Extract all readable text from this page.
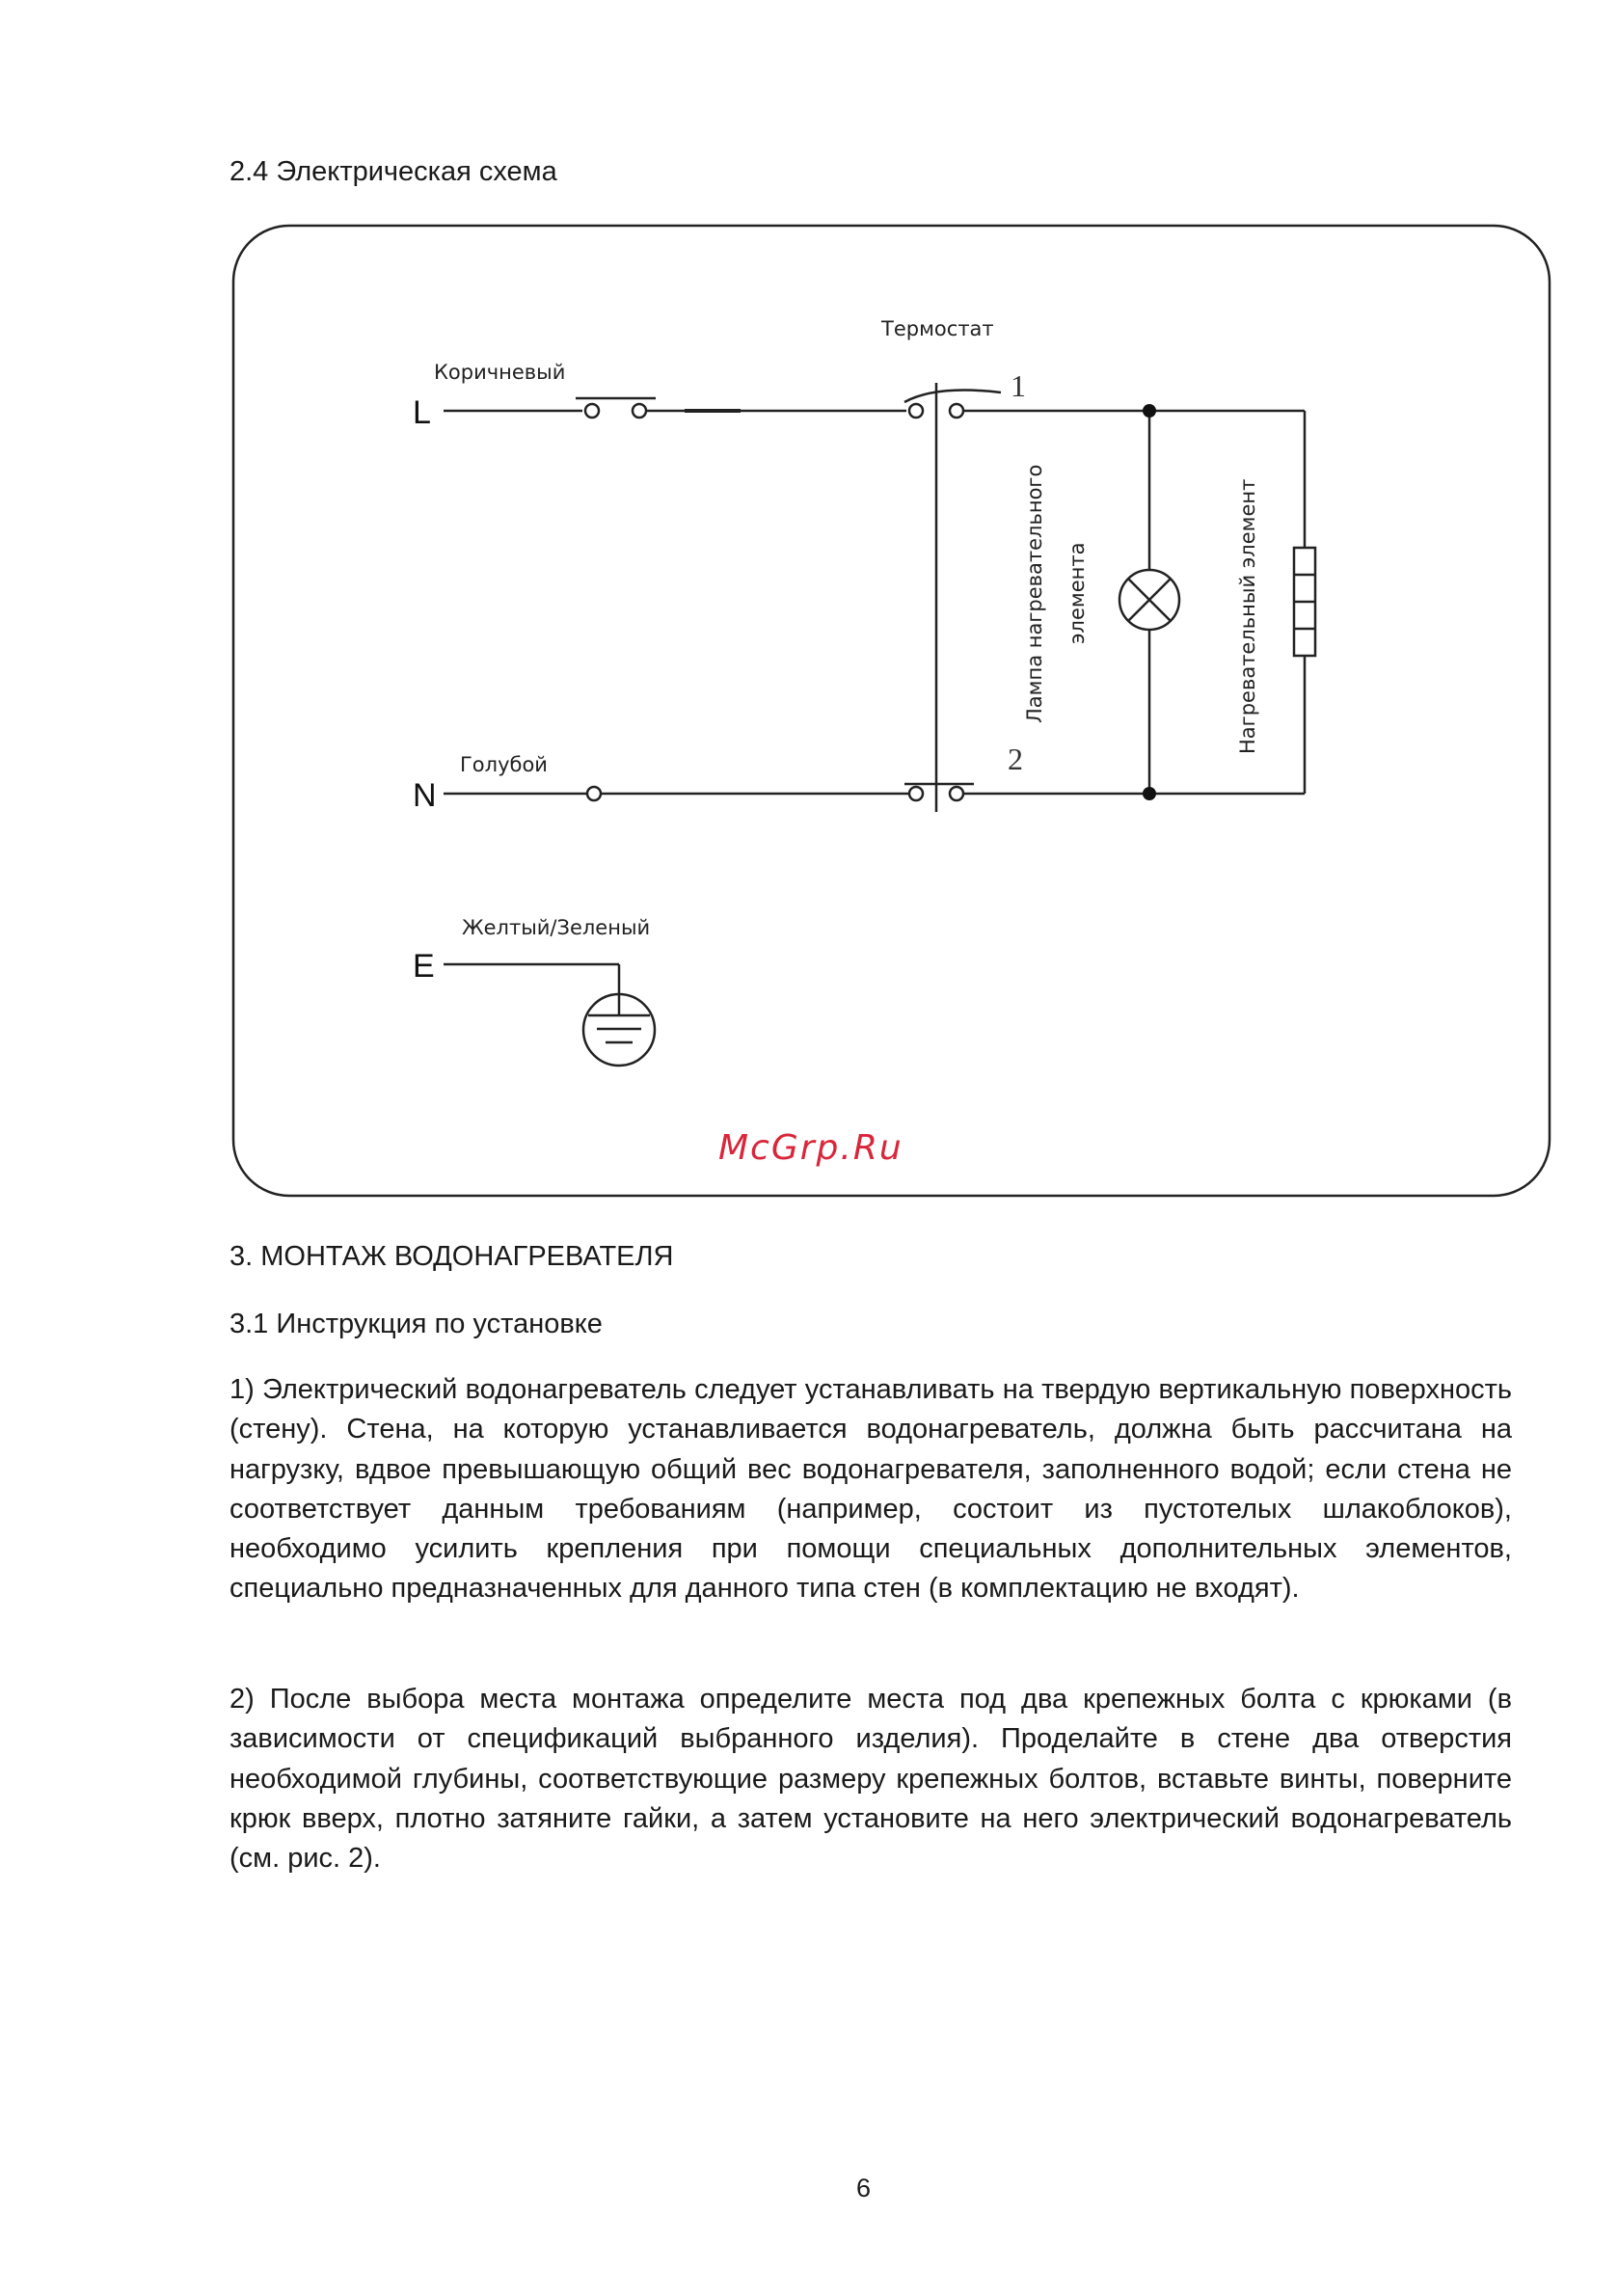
2.4 Электрическая схема
L
N
E
Коричневый
Голубой
Желтый/Зеленый
Термостат
1
2
Лампа нагревательного элемента	Нагревательный элемент
McGrp.Ru
3. МОНТАЖ ВОДОНАГРЕВАТЕЛЯ
3.1 Инструкция по установке
1) Электрический водонагреватель следует устанавливать на твердую вертикальную поверхность (стену). Стена, на которую устанавливается водонагреватель, должна быть рассчитана на нагрузку, вдвое превышающую общий вес водонагревателя, заполненного водой; если стена не соответствует данным требованиям (например, состоит из пустотелых шлакоблоков), необходимо усилить крепления при помощи специальных дополнительных элементов, специально предназначенных для данного типа стен (в комплектацию не входят).
2) После выбора места монтажа определите места под два крепежных болта с крюками (в зависимости от спецификаций выбранного изделия). Проделайте в стене два отверстия необходимой глубины, соответствующие размеру крепежных болтов, вставьте винты, поверните крюк вверх, плотно затяните гайки, а затем установите на него электрический водонагреватель (см. рис. 2).
6
